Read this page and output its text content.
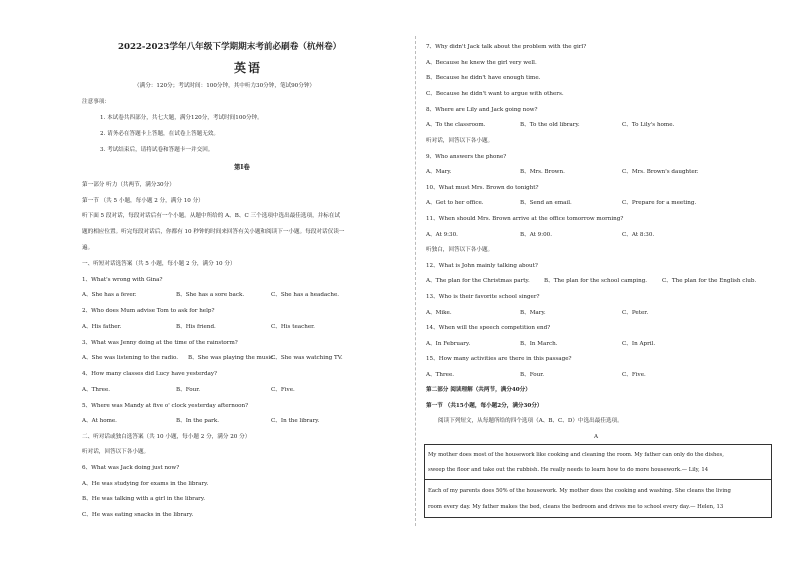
2022-2023学年八年级下学期期末考前必刷卷（杭州卷）
英语
（满分：120分；考试时间：100分钟，其中听力30分钟，笔试90分钟）
注意事项：
1. 本试卷共四部分，共七大题，满分120分，考试时间100分钟。
2. 请务必在答题卡上答题，在试卷上答题无效。
3. 考试结束后，请将试卷和答题卡一并交回。
第Ⅰ卷
第一部分 听力（共两节，满分30分）
第一节 （共 5 小题，每小题 2 分，满分 10 分）
听下面 5 段对话，每段对话后有一个小题。从题中所给的 A、B、C 三个选项中选出最佳选项，并标在试
题的相应位置。听完每段对话后，你都有 10 秒钟的时间来回答有关小题和阅读下一小题。每段对话仅读一
遍。
一、听短对话选答案（共 5 小题，每小题 2 分，满分 10 分）
1、What's wrong with Gina?
A、She has a fever.	B、She has a sore back.	C、She has a headache.
2、Who does Mum advise Tom to ask for help?
A、His father.	B、His friend.	C、His teacher.
3、What was Jenny doing at the time of the rainstorm?
A、She was listening to the radio. B、She was playing the music.
C、She was watching TV.
4、How many classes did Lucy have yesterday?
A、Three.	B、Four.	C、Five.
5、Where was Mandy at five o' clock yesterday afternoon?
A、At home.	B、In the park.	C、In the library.
二、听对话或独白选答案（共 10 小题，每小题 2 分，满分 20 分）
听对话，回答以下各小题。
6、What was Jack doing just now?
A、He was studying for exams in the library.
B、He was talking with a girl in the library.
C、He was eating snacks in the library.
7、Why didn't Jack talk about the problem with the girl?
A、Because he knew the girl very well.
B、Because he didn't have enough time.
C、Because he didn't want to argue with others.
8、Where are Lily and Jack going now?
A、To the classroom.	B、To the old library.	C、To Lily's home.
听对话，回答以下各小题。
9、Who answers the phone?
A、Mary.	B、Mrs. Brown.	C、Mrs. Brown's daughter.
10、What must Mrs. Brown do tonight?
A、Get to her office.	B、Send an email.	C、Prepare for a meeting.
11、When should Mrs. Brown arrive at the office tomorrow morning?
A、At 9:30.	B、At 9:00.	C、At 8:30.
听独白，回答以下各小题。
12、What is John mainly talking about?
A、The plan for the Christmas party.	B、The plan for the school camping.	C、The plan for the English club.
13、Who is their favorite school singer?
A、Mike.	B、Mary.	C、Peter.
14、When will the speech competition end?
A、In February.	B、In March.	C、In April.
15、How many activities are there in this passage?
A、Three.	B、Four.	C、Five.
第二部分 阅读理解（共两节，满分40分）
第一节 （共15小题，每小题2分，满分30分）
阅读下列短文，从每题所给的四个选项（A、B、C、D）中选出最佳选项。
A
My mother does most of the housework like cooking and cleaning the room. My father can only do the dishes,
sweep the floor and take out the rubbish. He really needs to learn how to do more housework.— Lily, 14
Each of my parents does 50% of the housework. My mother does the cooking and washing. She cleans the living
room every day. My father makes the bed, cleans the bedroom and drives me to school every day.— Helen, 13
